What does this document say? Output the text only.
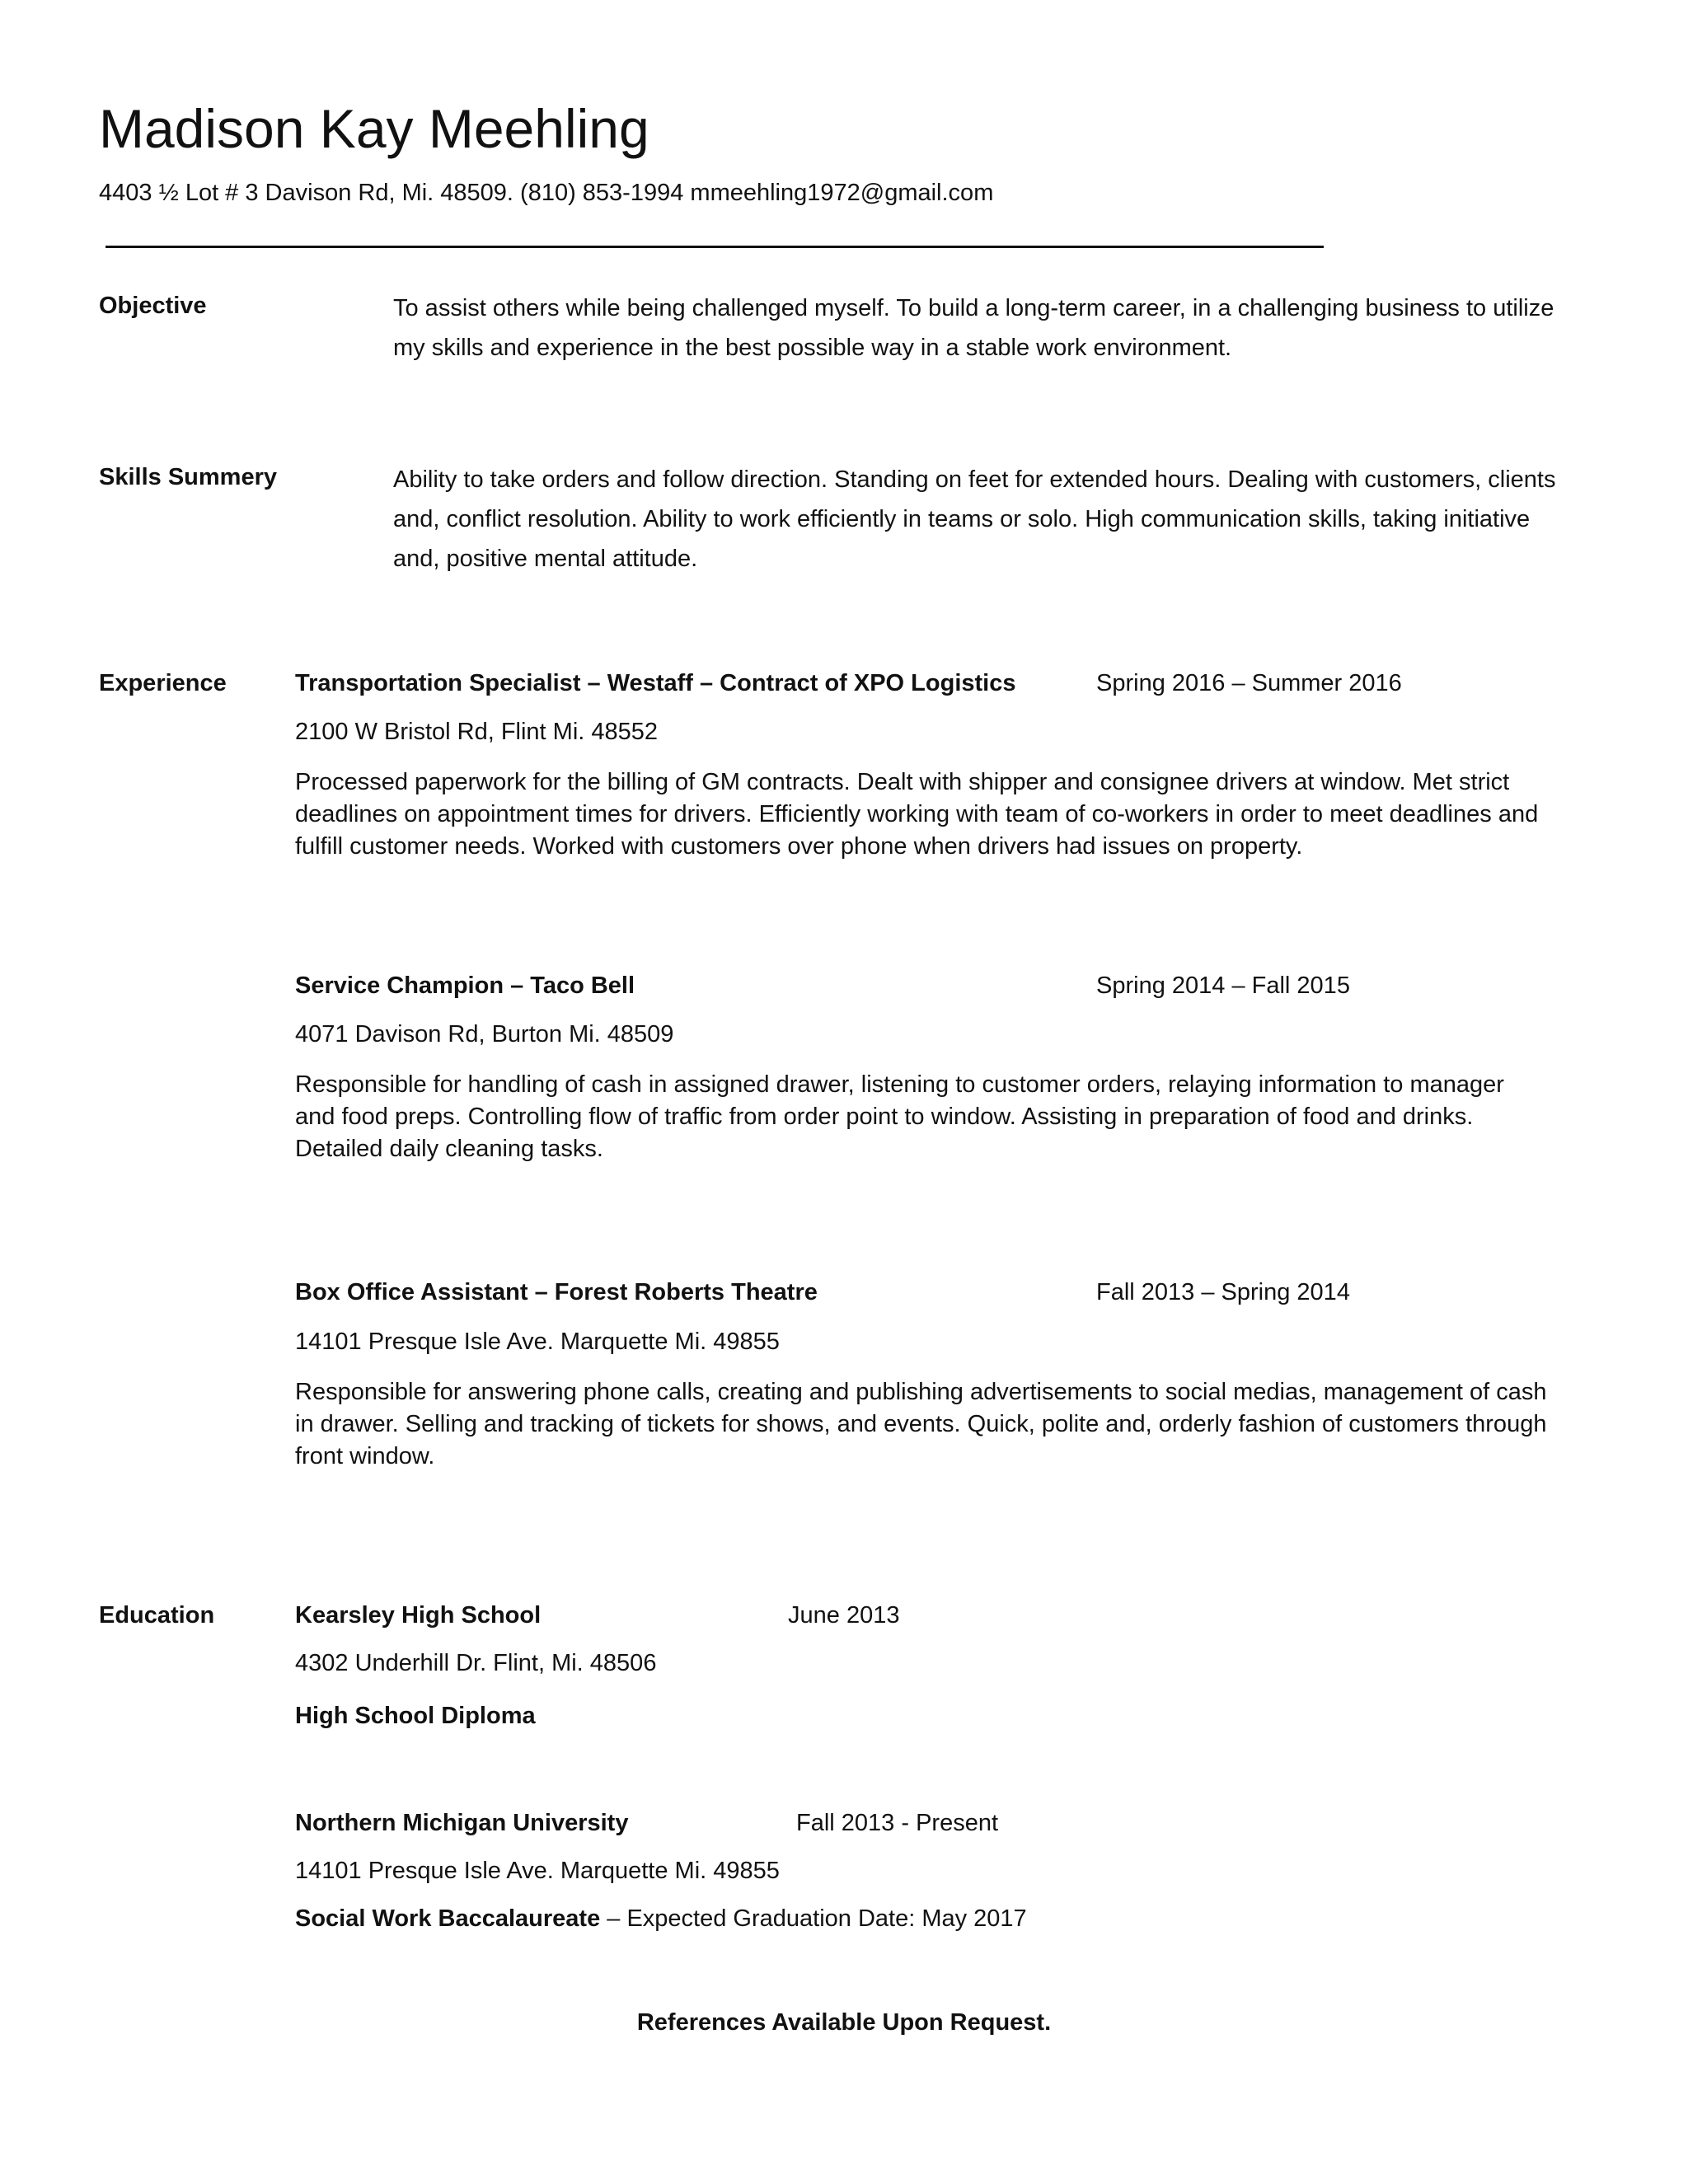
Madison Kay Meehling
4403 ½ Lot # 3 Davison Rd, Mi. 48509. (810) 853-1994 mmeehling1972@gmail.com
Objective	To assist others while being challenged myself. To build a long-term career, in a challenging business to utilize my skills and experience in the best possible way in a stable work environment.
Skills Summery	Ability to take orders and follow direction. Standing on feet for extended hours. Dealing with customers, clients and, conflict resolution. Ability to work efficiently in teams or solo. High communication skills, taking initiative and, positive mental attitude.
Experience	Transportation Specialist – Westaff – Contract of XPO Logistics	Spring 2016 – Summer 2016
2100 W Bristol Rd, Flint Mi. 48552
Processed paperwork for the billing of GM contracts. Dealt with shipper and consignee drivers at window. Met strict deadlines on appointment times for drivers. Efficiently working with team of co-workers in order to meet deadlines and fulfill customer needs. Worked with customers over phone when drivers had issues on property.
Service Champion – Taco Bell	Spring 2014 – Fall 2015
4071 Davison Rd, Burton Mi. 48509
Responsible for handling of cash in assigned drawer, listening to customer orders, relaying information to manager and food preps. Controlling flow of traffic from order point to window. Assisting in preparation of food and drinks. Detailed daily cleaning tasks.
Box Office Assistant – Forest Roberts Theatre	Fall 2013 – Spring 2014
14101 Presque Isle Ave. Marquette Mi. 49855
Responsible for answering phone calls, creating and publishing advertisements to social medias, management of cash in drawer. Selling and tracking of tickets for shows, and events. Quick, polite and, orderly fashion of customers through front window.
Education	Kearsley High School	June 2013
4302 Underhill Dr. Flint, Mi. 48506
High School Diploma
Northern Michigan University	Fall 2013 - Present
14101 Presque Isle Ave. Marquette Mi. 49855
Social Work Baccalaureate – Expected Graduation Date: May 2017
References Available Upon Request.
